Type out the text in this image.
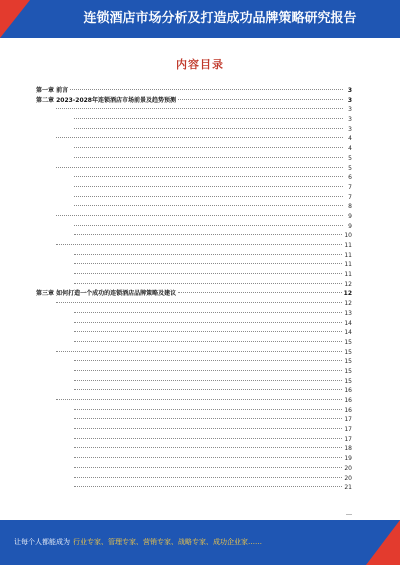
连锁酒店市场分析及打造成功品牌策略研究报告
内容目录
第一章 前言	3
第二章 2023-2028年连锁酒店市场前景及趋势预测	3
3
3
3
4
4
5
5
6
7
7
8
9
9
10
11
11
11
11
12
第三章 如何打造一个成功的连锁酒店品牌策略及建议	12
12
13
14
14
15
15
15
15
15
16
16
16
17
17
17
18
19
20
20
21
让每个人都能成为 行业专家、管理专家、营销专家、战略专家、成功企业家……
